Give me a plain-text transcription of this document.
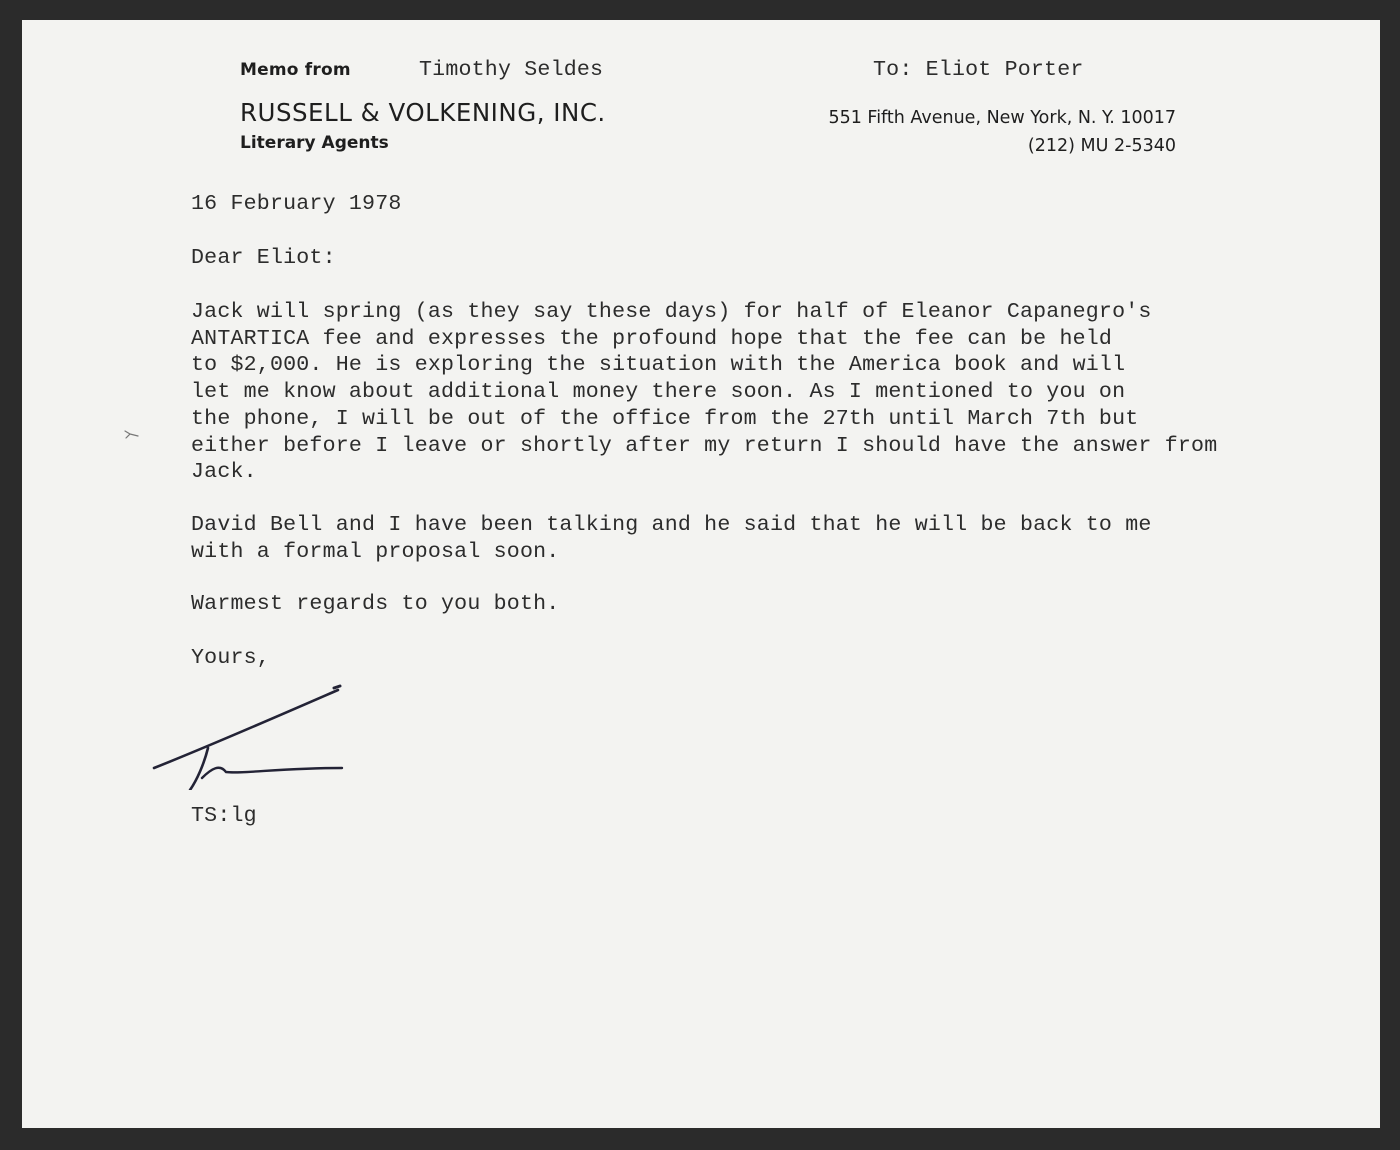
Memo from	Timothy Seldes	To: Eliot Porter
RUSSELL & VOLKENING, INC.
Literary Agents
551 Fifth Avenue, New York, N. Y. 10017
(212) MU 2-5340
16 February 1978
Dear Eliot:
Jack will spring (as they say these days) for half of Eleanor Capanegro's
ANTARTICA fee and expresses the profound hope that the fee can be held
to $2,000. He is exploring the situation with the America book and will
let me know about additional money there soon. As I mentioned to you on
the phone, I will be out of the office from the 27th until March 7th but
either before I leave or shortly after my return I should have the answer from
Jack.
David Bell and I have been talking and he said that he will be back to me
with a formal proposal soon.
Warmest regards to you both.
Yours,
TS:lg
